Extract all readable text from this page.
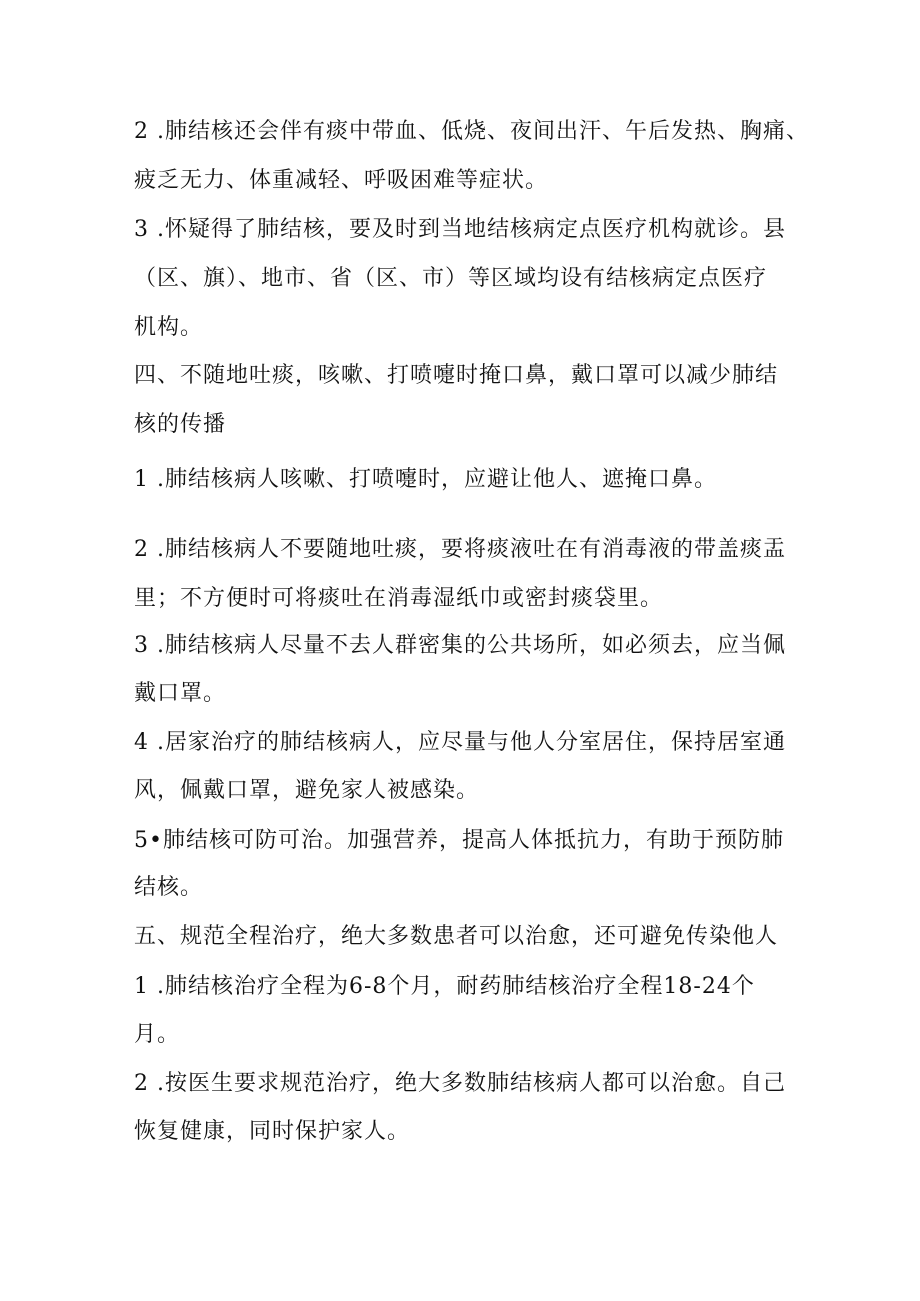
2 .肺结核还会伴有痰中带血、低烧、夜间出汗、午后发热、胸痛、
疲乏无力、体重减轻、呼吸困难等症状。
3 .怀疑得了肺结核，要及时到当地结核病定点医疗机构就诊。县
（区、旗）、地市、省（区、市）等区域均设有结核病定点医疗
机构。
四、不随地吐痰，咳嗽、打喷嚏时掩口鼻，戴口罩可以减少肺结
核的传播
1 .肺结核病人咳嗽、打喷嚏时，应避让他人、遮掩口鼻。
2 .肺结核病人不要随地吐痰，要将痰液吐在有消毒液的带盖痰盂
里；不方便时可将痰吐在消毒湿纸巾或密封痰袋里。
3 .肺结核病人尽量不去人群密集的公共场所，如必须去，应当佩
戴口罩。
4 .居家治疗的肺结核病人，应尽量与他人分室居住，保持居室通
风，佩戴口罩，避免家人被感染。
5•肺结核可防可治。加强营养，提高人体抵抗力，有助于预防肺
结核。
五、规范全程治疗，绝大多数患者可以治愈，还可避免传染他人
1 .肺结核治疗全程为6-8个月，耐药肺结核治疗全程18-24个
月。
2 .按医生要求规范治疗，绝大多数肺结核病人都可以治愈。自己
恢复健康，同时保护家人。
